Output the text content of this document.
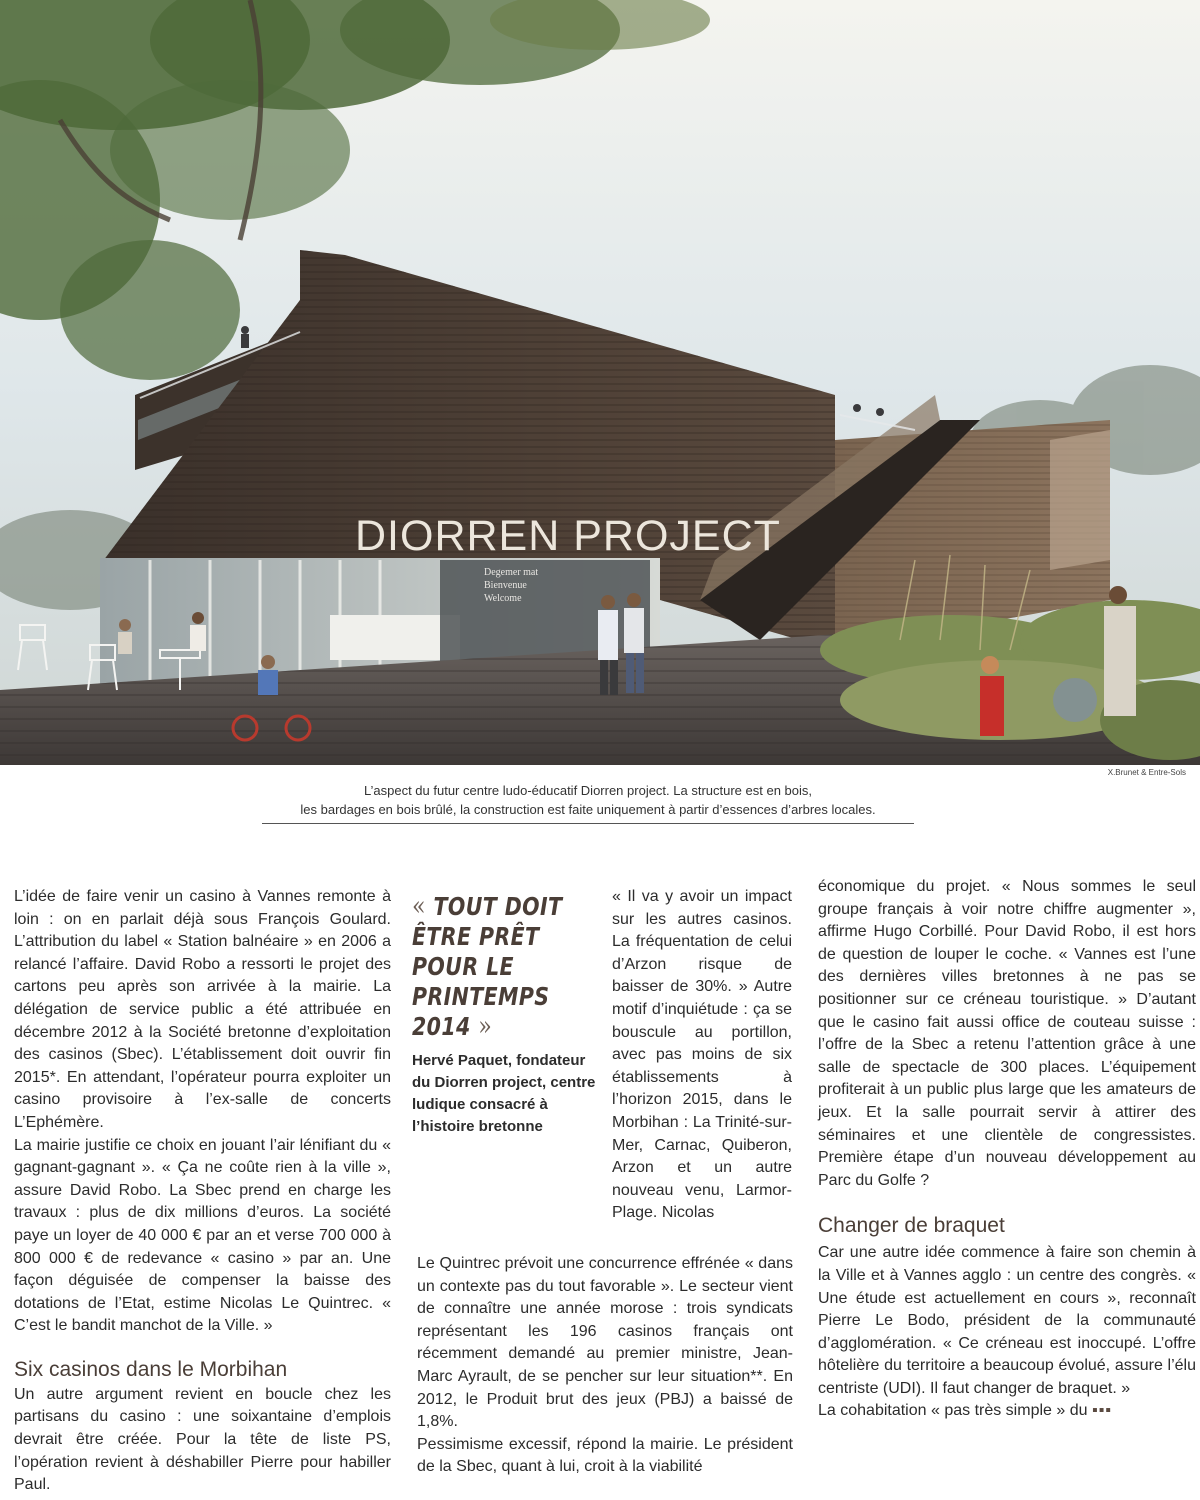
DIORREN PROJECT
Degemer mat
Bienvenue
Welcome
X.Brunet & Entre-Sols
L’aspect du futur centre ludo-éducatif Diorren project. La structure est en bois,
les bardages en bois brûlé, la construction est faite uniquement à partir d’essences d’arbres locales.

L’idée de faire venir un casino à Vannes remonte à loin : on en parlait déjà sous François Goulard. L’attribution du label « Station balnéaire » en 2006 a relancé l’affaire. David Robo a ressorti le projet des cartons peu après son arrivée à la mairie. La délégation de service public a été attribuée en décembre 2012 à la Société bretonne d’exploitation des casinos (Sbec). L’établissement doit ouvrir fin 2015*. En attendant, l’opérateur pourra exploiter un casino provisoire à l’ex-salle de concerts L’Ephémère.

La mairie justifie ce choix en jouant l’air lénifiant du « gagnant-gagnant ». « Ça ne coûte rien à la ville », assure David Robo. La Sbec prend en charge les travaux : plus de dix millions d’euros. La société paye un loyer de 40 000 € par an et verse 700 000 à 800 000 € de redevance « casino » par an. Une façon déguisée de compenser la baisse des dotations de l’Etat, estime Nicolas Le Quintrec. « C’est le bandit manchot de la Ville. »

Six casinos dans le Morbihan

Un autre argument revient en boucle chez les partisans du casino : une soixantaine d’emplois devrait être créée. Pour la tête de liste PS, l’opération revient à déshabiller Pierre pour habiller Paul.

« TOUT DOIT ÊTRE PRÊT POUR LE PRINTEMPS 2014 »
Hervé Paquet, fondateur du Diorren project, centre ludique consacré à l’histoire bretonne

« Il va y avoir un impact sur les autres casinos. La fréquentation de celui d’Arzon risque de baisser de 30%. » Autre motif d’inquiétude : ça se bouscule au portillon, avec pas moins de six établissements à l’horizon 2015, dans le Morbihan : La Trinité-sur-Mer, Carnac, Quiberon, Arzon et un autre nouveau venu, Larmor-Plage. Nicolas

Le Quintrec prévoit une concurrence effrénée « dans un contexte pas du tout favorable ». Le secteur vient de connaître une année morose : trois syndicats représentant les 196 casinos français ont récemment demandé au premier ministre, Jean-Marc Ayrault, de se pencher sur leur situation**. En 2012, le Produit brut des jeux (PBJ) a baissé de 1,8%.

Pessimisme excessif, répond la mairie. Le président de la Sbec, quant à lui, croit à la viabilité

économique du projet. « Nous sommes le seul groupe français à voir notre chiffre augmenter », affirme Hugo Corbillé. Pour David Robo, il est hors de question de louper le coche. « Vannes est l’une des dernières villes bretonnes à ne pas se positionner sur ce créneau touristique. » D’autant que le casino fait aussi office de couteau suisse : l’offre de la Sbec a retenu l’attention grâce à une salle de spectacle de 300 places. L’équipement profiterait à un public plus large que les amateurs de jeux. Et la salle pourrait servir à attirer des séminaires et une clientèle de congressistes. Première étape d’un nouveau développement au Parc du Golfe ?

Changer de braquet

Car une autre idée commence à faire son chemin à la Ville et à Vannes agglo : un centre des congrès. « Une étude est actuellement en cours », reconnaît Pierre Le Bodo, président de la communauté d’agglomération. « Ce créneau est inoccupé. L’offre hôtelière du territoire a beaucoup évolué, assure l’élu centriste (UDI). Il faut changer de braquet. »

La cohabitation « pas très simple » du ▪▪▪
